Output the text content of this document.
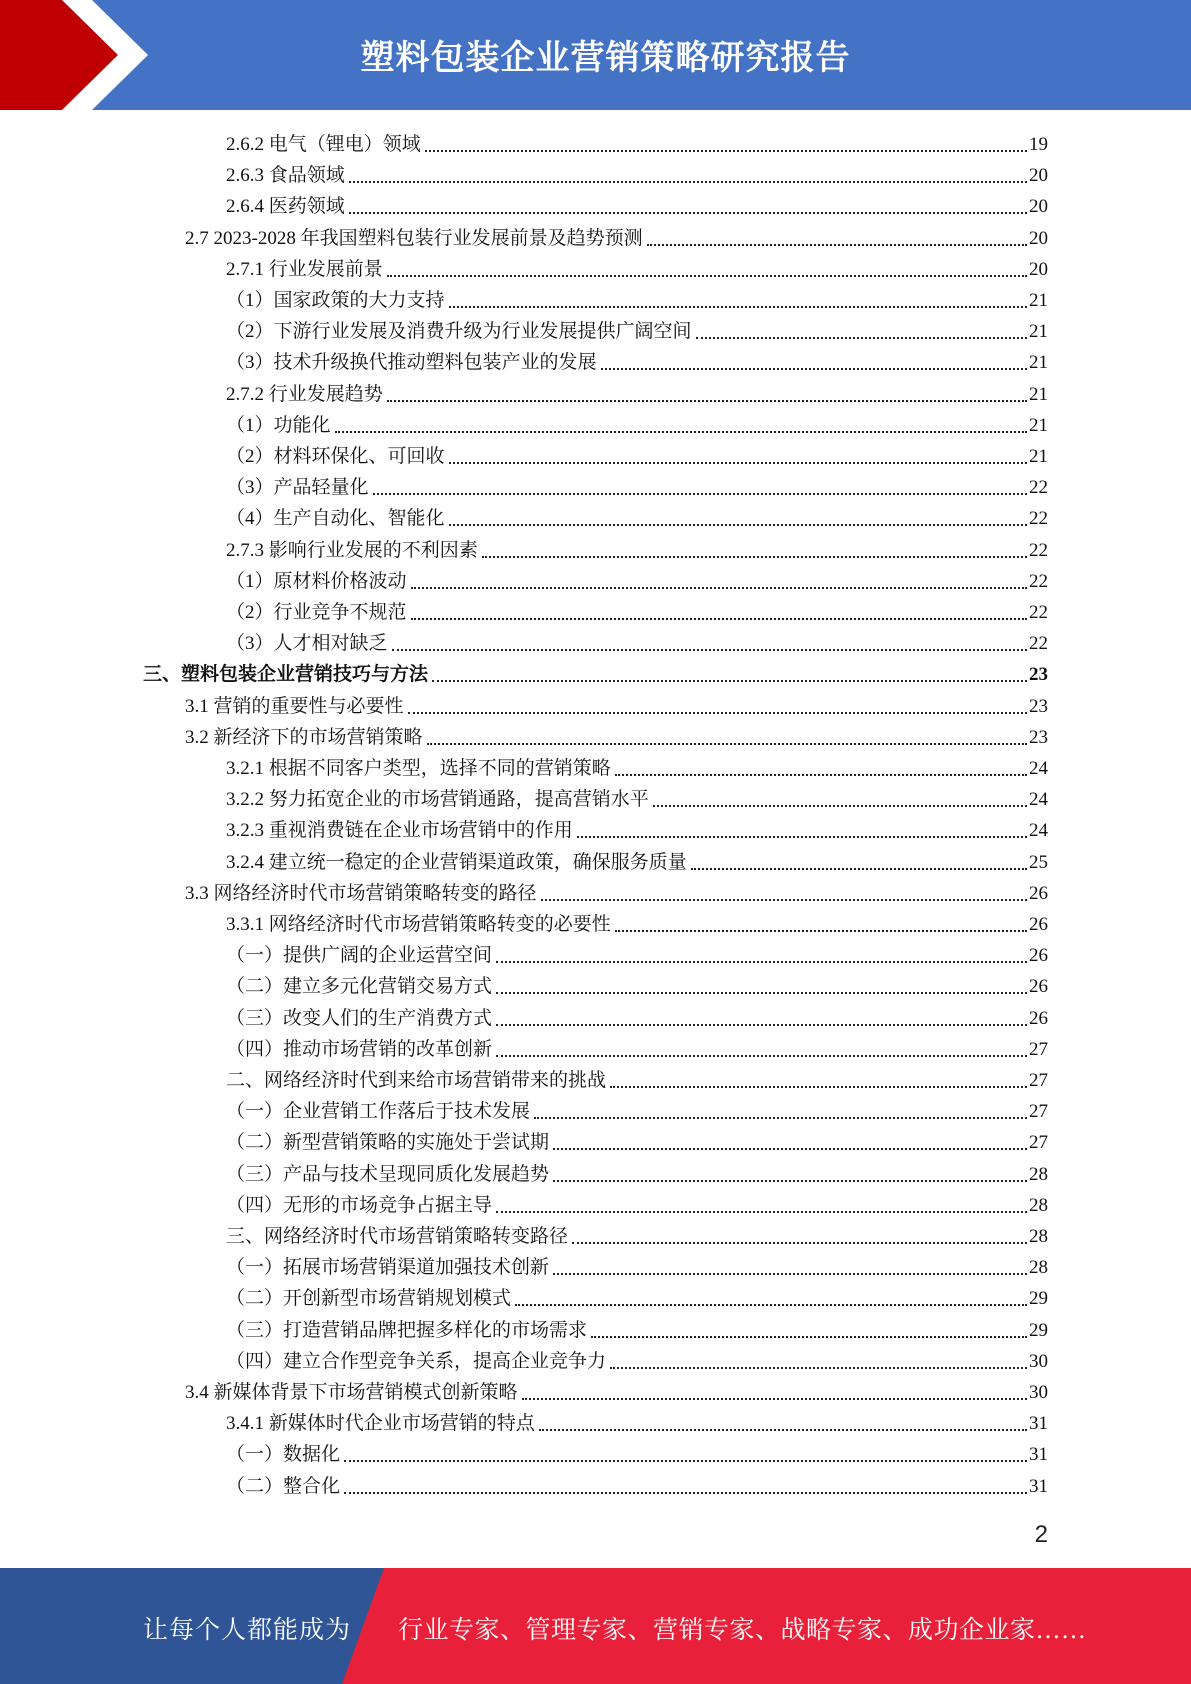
塑料包装企业营销策略研究报告
2.6.2 电气（锂电）领域	19
2.6.3 食品领域	20
2.6.4 医药领域	20
2.7 2023-2028 年我国塑料包装行业发展前景及趋势预测	20
2.7.1 行业发展前景	20
（1）国家政策的大力支持	21
（2）下游行业发展及消费升级为行业发展提供广阔空间	21
（3）技术升级换代推动塑料包装产业的发展	21
2.7.2 行业发展趋势	21
（1）功能化	21
（2）材料环保化、可回收	21
（3）产品轻量化	22
（4）生产自动化、智能化	22
2.7.3 影响行业发展的不利因素	22
（1）原材料价格波动	22
（2）行业竞争不规范	22
（3）人才相对缺乏	22
三、塑料包装企业营销技巧与方法	23
3.1 营销的重要性与必要性	23
3.2 新经济下的市场营销策略	23
3.2.1 根据不同客户类型，选择不同的营销策略	24
3.2.2 努力拓宽企业的市场营销通路，提高营销水平	24
3.2.3 重视消费链在企业市场营销中的作用	24
3.2.4 建立统一稳定的企业营销渠道政策，确保服务质量	25
3.3 网络经济时代市场营销策略转变的路径	26
3.3.1 网络经济时代市场营销策略转变的必要性	26
（一）提供广阔的企业运营空间	26
（二）建立多元化营销交易方式	26
（三）改变人们的生产消费方式	26
（四）推动市场营销的改革创新	27
二、网络经济时代到来给市场营销带来的挑战	27
（一）企业营销工作落后于技术发展	27
（二）新型营销策略的实施处于尝试期	27
（三）产品与技术呈现同质化发展趋势	28
（四）无形的市场竞争占据主导	28
三、网络经济时代市场营销策略转变路径	28
（一）拓展市场营销渠道加强技术创新	28
（二）开创新型市场营销规划模式	29
（三）打造营销品牌把握多样化的市场需求	29
（四）建立合作型竞争关系，提高企业竞争力	30
3.4 新媒体背景下市场营销模式创新策略	30
3.4.1 新媒体时代企业市场营销的特点	31
（一）数据化	31
（二）整合化	31
2
让每个人都能成为 行业专家、管理专家、营销专家、战略专家、成功企业家……
